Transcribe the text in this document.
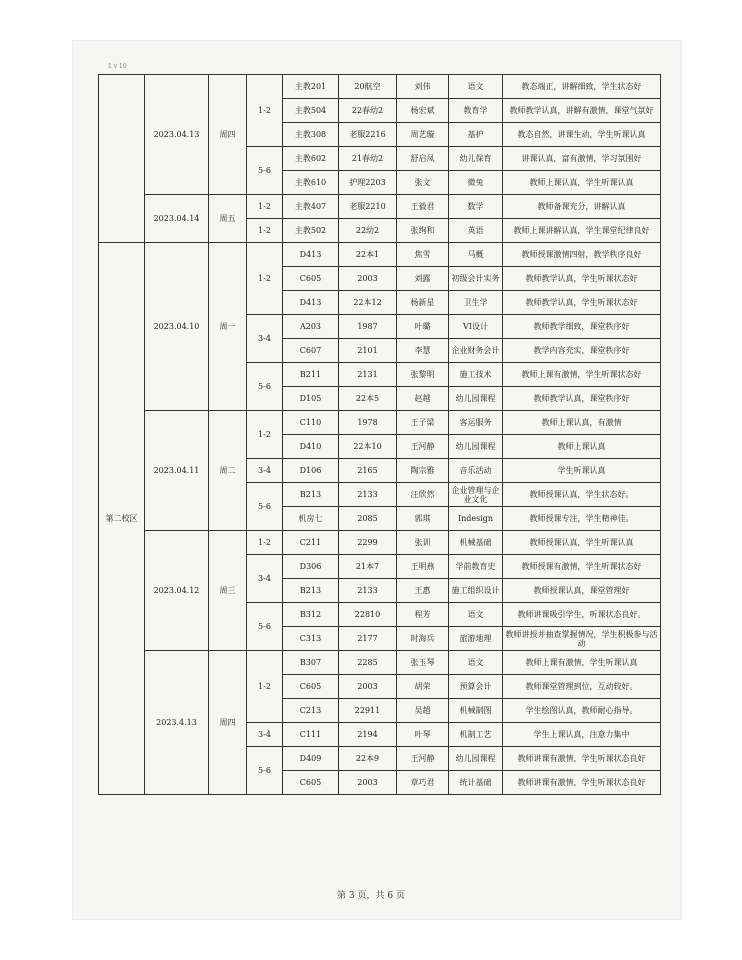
1 v 10
	2023.04.13	周四	1-2	主教201	20航空	刘伟	语文	教态端正，讲解细致，学生状态好
				主教504	22春幼2	杨宏斌	教育学	教师教学认真，讲解有激情，课堂气氛好
				主教308	老服2216	周艺璇	基护	教态自然，讲课生动，学生听课认真
			5-6	主教602	21春幼2	舒启凤	幼儿保育	讲课认真，富有激情，学习氛围好
				主教610	护理2203	张文	微兔	教师上课认真，学生听课认真
	2023.04.14	周五	1-2	主教407	老服2210	王毅君	数学	教师备课充分，讲解认真
			1-2	主教502	22幼2	张绚和	英语	教师上课讲解认真，学生课堂纪律良好
第二校区	2023.04.10	周一	1-2	D413	22本1	焦雪	马概	教师授课激情四射，教学秩序良好
				C605	2003	刘露	初级会计实务	教师教学认真，学生听课状态好
				D413	22本12	杨新星	卫生学	教师教学认真，学生听课状态好
			3-4	A203	1987	叶璐	VI设计	教师教学细致，课堂秩序好
				C607	2101	李慧	企业财务会计	教学内容充实，课堂秩序好
			5-6	B211	2131	张黎明	施工技术	教师上课有激情，学生听课状态好
				D105	22本5	赵越	幼儿园课程	教师教学认真，课堂秩序好
	2023.04.11	周二	1-2	C110	1978	王子梁	客运服务	教师上课认真，有激情
				D410	22本10	王河静	幼儿园课程	教师上课认真
			3-4	D106	2165	陶宗雅	音乐活动	学生听课认真
			5-6	B213	2133	汪欣然	企业管理与企业文化	教师授课认真，学生状态好。
				机房七	2085	郭琪	Indesign	教师授课专注，学生精神佳。
	2023.04.12	周三	1-2	C211	2299	张训	机械基础	教师授课认真，学生听课认真
			3-4	D306	21本7	王明燕	学前教育史	教师授课有激情，学生听课状态好
				B213	2133	王惠	施工组织设计	教师授课认真，课堂管理好
			5-6	B312	22810	程芳	语文	教师讲课吸引学生，听课状态良好。
				C313	2177	时海兵	旅游地理	教师讲授并抽查掌握情况，学生积极参与活动
	2023.4.13	周四	1-2	B307	2285	张玉琴	语文	教师上课有激情，学生听课认真
				C605	2003	胡荣	预算会计	教师课堂管理到位，互动较好。
				C213	22911	吴超	机械制图	学生绘图认真，教师耐心指导。
			3-4	C111	2194	叶琴	机制工艺	学生上课认真，注意力集中
			5-6	D409	22本9	王河静	幼儿园课程	教师讲课有激情，学生听课状态良好
				C605	2003	章巧君	统计基础	教师讲课有激情，学生听课状态良好
第 3 页，共 6 页
